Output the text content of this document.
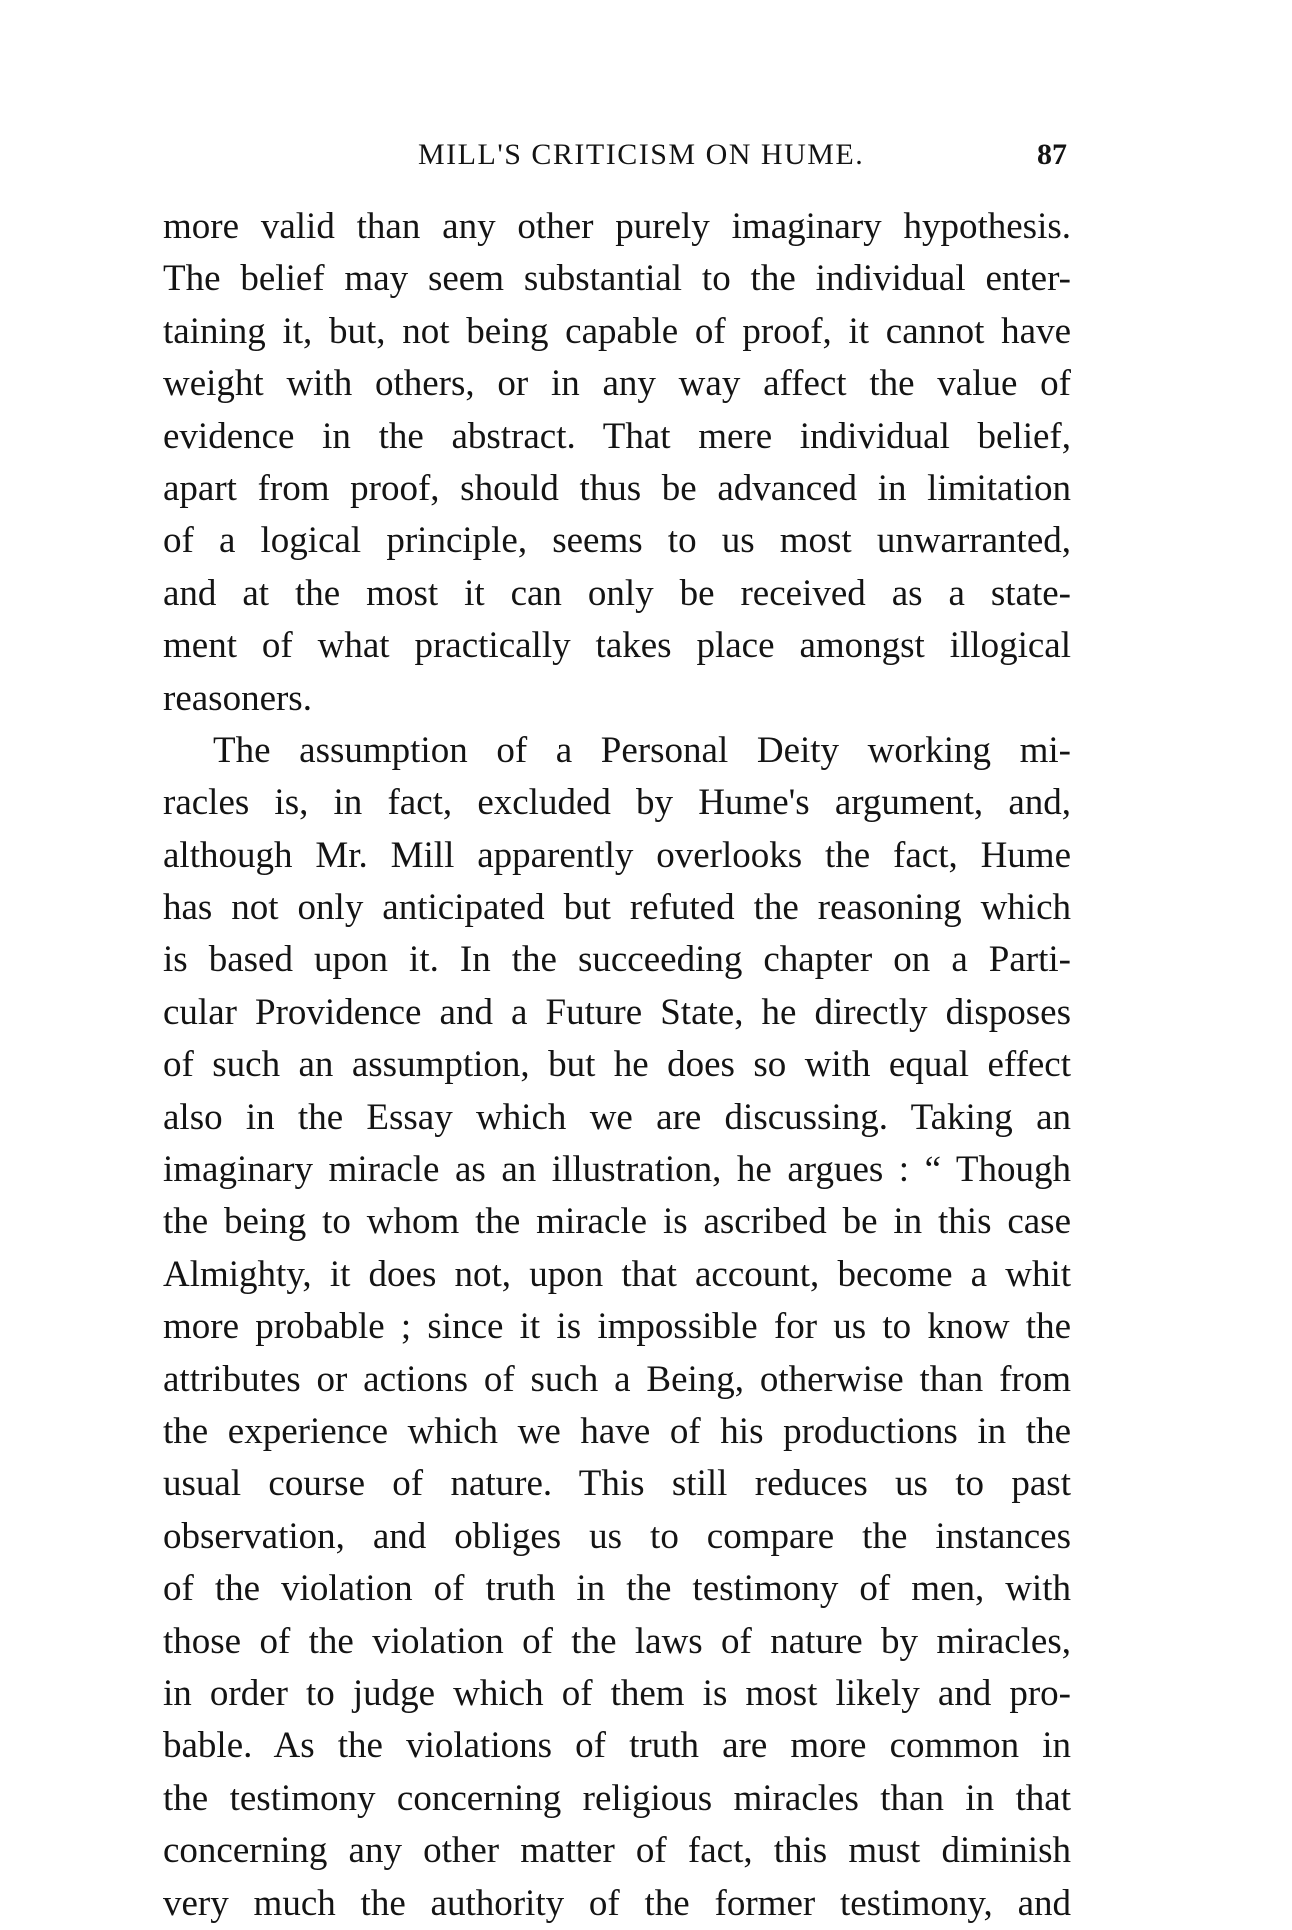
MILL'S CRITICISM ON HUME.	87
more valid than any other purely imaginary hypothesis.
The belief may seem substantial to the individual enter-
taining it, but, not being capable of proof, it cannot have
weight with others, or in any way affect the value of
evidence in the abstract. That mere individual belief,
apart from proof, should thus be advanced in limitation
of a logical principle, seems to us most unwarranted,
and at the most it can only be received as a state-
ment of what practically takes place amongst illogical
reasoners.
The assumption of a Personal Deity working mi-
racles is, in fact, excluded by Hume's argument, and,
although Mr. Mill apparently overlooks the fact, Hume
has not only anticipated but refuted the reasoning which
is based upon it. In the succeeding chapter on a Parti-
cular Providence and a Future State, he directly disposes
of such an assumption, but he does so with equal effect
also in the Essay which we are discussing. Taking an
imaginary miracle as an illustration, he argues : “ Though
the being to whom the miracle is ascribed be in this case
Almighty, it does not, upon that account, become a whit
more probable ; since it is impossible for us to know the
attributes or actions of such a Being, otherwise than from
the experience which we have of his productions in the
usual course of nature. This still reduces us to past
observation, and obliges us to compare the instances
of the violation of truth in the testimony of men, with
those of the violation of the laws of nature by miracles,
in order to judge which of them is most likely and pro-
bable. As the violations of truth are more common in
the testimony concerning religious miracles than in that
concerning any other matter of fact, this must diminish
very much the authority of the former testimony, and
